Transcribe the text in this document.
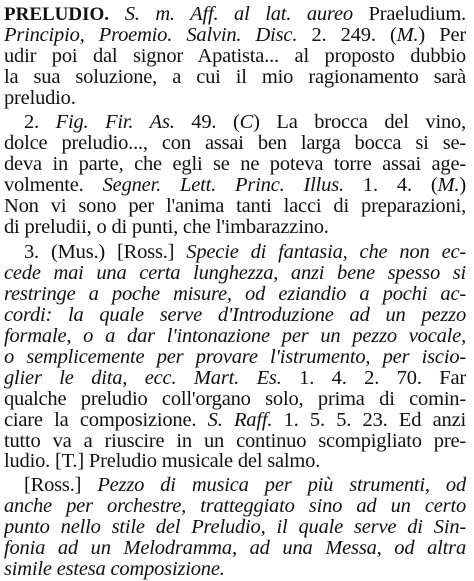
PRELUDIO. S. m. Aff. al lat. aureo Praeludium.
Principio, Proemio. Salvin. Disc. 2. 249. (M.) Per
udir poi dal signor Apatista... al proposto dubbio
la sua soluzione, a cui il mio ragionamento sarà
preludio.
2. Fig. Fir. As. 49. (C) La brocca del vino,
dolce preludio..., con assai ben larga bocca si se-
deva in parte, che egli se ne poteva torre assai age-
volmente. Segner. Lett. Princ. Illus. 1. 4. (M.)
Non vi sono per l'anima tanti lacci di preparazioni,
di preludii, o di punti, che l'imbarazzino.
3. (Mus.) [Ross.] Specie di fantasia, che non ec-
cede mai una certa lunghezza, anzi bene spesso si
restringe a poche misure, od eziandio a pochi ac-
cordi: la quale serve d'Introduzione ad un pezzo
formale, o a dar l'intonazione per un pezzo vocale,
o semplicemente per provare l'istrumento, per iscio-
glier le dita, ecc. Mart. Es. 1. 4. 2. 70. Far
qualche preludio coll'organo solo, prima di comin-
ciare la composizione. S. Raff. 1. 5. 5. 23. Ed anzi
tutto va a riuscire in un continuo scompigliato pre-
ludio. [T.] Preludio musicale del salmo.
[Ross.] Pezzo di musica per più strumenti, od
anche per orchestre, tratteggiato sino ad un certo
punto nello stile del Preludio, il quale serve di Sin-
fonia ad un Melodramma, ad una Messa, od altra
simile estesa composizione.
